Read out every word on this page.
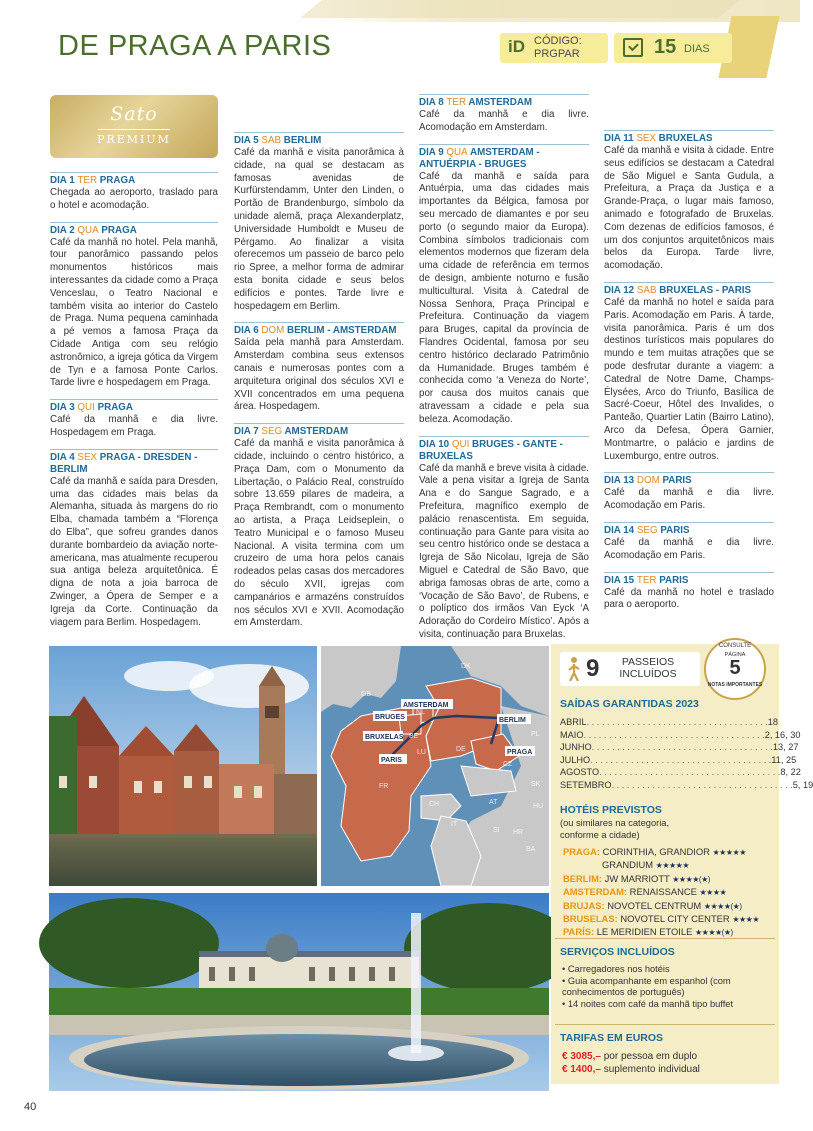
DE PRAGA A PARIS	iD CÓDIGO:
PRGPAR	15 DIAS
Sato
PREMIUM
DIA 1 TER PRAGA
Chegada ao aeroporto, traslado para o hotel e acomodação.
DIA 2 QUA PRAGA
Café da manhã no hotel. Pela manhã, tour panorâmico passando pelos monumentos históricos mais interessantes da cidade como a Praça Venceslau, o Teatro Nacional e também visita ao interior do Castelo de Praga. Numa pequena caminhada a pé vemos a famosa Praça da Cidade Antiga com seu relógio astronômico, a igreja gótica da Virgem de Tyn e a famosa Ponte Carlos. Tarde livre e hospedagem em Praga.
DIA 3 QUI PRAGA
Café da manhã e dia livre. Hospedagem em Praga.
DIA 4 SEX PRAGA - DRESDEN - BERLIM
Café da manhã e saída para Dresden, uma das cidades mais belas da Alemanha, situada às margens do rio Elba, chamada também a “Florença do Elba”, que sofreu grandes danos durante bombardeio da aviação norte-americana, mas atualmente recuperou sua antiga beleza arquitetônica. É digna de nota a joia barroca de Zwinger, a Ópera de Semper e a Igreja da Corte. Continuação da viagem para Berlim. Hospedagem.
DIA 5 SAB BERLIM
Café da manhã e visita panorâmica à cidade, na qual se destacam as famosas avenidas de Kurfürstendamm, Unter den Linden, o Portão de Brandenburgo, símbolo da unidade alemã, praça Alexanderplatz, Universidade Humboldt e Museu de Pérgamo. Ao finalizar a visita oferecemos um passeio de barco pelo rio Spree, a melhor forma de admirar esta bonita cidade e seus belos edifícios e pontes. Tarde livre e hospedagem em Berlim.
DIA 6 DOM BERLIM - AMSTERDAM
Saída pela manhã para Amsterdam. Amsterdam combina seus extensos canais e numerosas pontes com a arquitetura original dos séculos XVI e XVII concentrados em uma pequena área. Hospedagem.
DIA 7 SEG AMSTERDAM
Café da manhã e visita panorâmica à cidade, incluindo o centro histórico, a Praça Dam, com o Monumento da Libertação, o Palácio Real, construído sobre 13.659 pilares de madeira, a Praça Rembrandt, com o monumento ao artista, a Praça Leidseplein, o Teatro Municipal e o famoso Museu Nacional. A visita termina com um cruzeiro de uma hora pelos canais rodeados pelas casas dos mercadores do século XVII, igrejas com campanários e armazéns construídos nos séculos XVI e XVII. Acomodação em Amsterdam.
DIA 8 TER AMSTERDAM
Café da manhã e dia livre. Acomodação em Amsterdam.
DIA 9 QUA AMSTERDAM - ANTUÉRPIA - BRUGES
Café da manhã e saída para Antuérpia, uma das cidades mais importantes da Bélgica, famosa por seu mercado de diamantes e por seu porto (o segundo maior da Europa). Combina símbolos tradicionais com elementos modernos que fizeram dela uma cidade de referência em termos de design, ambiente noturno e fusão multicultural. Visita à Catedral de Nossa Senhora, Praça Principal e Prefeitura. Continuação da viagem para Bruges, capital da província de Flandres Ocidental, famosa por seu centro histórico declarado Patrimônio da Humanidade. Bruges também é conhecida como ‘a Veneza do Norte’, por causa dos muitos canais que atravessam a cidade e pela sua beleza. Acomodação.
DIA 10 QUI BRUGES - GANTE - BRUXELAS
Café da manhã e breve visita à cidade. Vale a pena visitar a Igreja de Santa Ana e do Sangue Sagrado, e a Prefeitura, magnífico exemplo de palácio renascentista. Em seguida, continuação para Gante para visita ao seu centro histórico onde se destaca a Igreja de São Nicolau, Igreja de São Miguel e Catedral de São Bavo, que abriga famosas obras de arte, como a ‘Vocação de São Bavo’, de Rubens, e o políptico dos irmãos Van Eyck ‘A Adoração do Cordeiro Místico’. Após a visita, continuação para Bruxelas.
DIA 11 SEX BRUXELAS
Café da manhã e visita à cidade. Entre seus edifícios se destacam a Catedral de São Miguel e Santa Gudula, a Prefeitura, a Praça da Justiça e a Grande-Praça, o lugar mais famoso, animado e fotografado de Bruxelas. Com dezenas de edifícios famosos, é um dos conjuntos arquitetônicos mais belos da Europa. Tarde livre, acomodação.
DIA 12 SAB BRUXELAS - PARIS
Café da manhã no hotel e saída para Paris. Acomodação em Paris. À tarde, visita panorâmica. Paris é um dos destinos turísticos mais populares do mundo e tem muitas atrações que se pode desfrutar durante a viagem: a Catedral de Notre Dame, Champs-Élysées, Arco do Triunfo, Basílica de Sacré-Coeur, Hôtel des Invalides, o Panteão, Quartier Latin (Bairro Latino), Arco da Defesa, Ópera Garnier, Montmartre, o palácio e jardins de Luxemburgo, entre outros.
DIA 13 DOM PARIS
Café da manhã e dia livre. Acomodação em Paris.
DIA 14 SEG PARIS
Café da manhã e dia livre. Acomodação em Paris.
DIA 15 TER PARIS
Café da manhã no hotel e traslado para o aeroporto.
GB
DK
NL
BE
DE
FR
CH	AT
CZ
PL
SI HR
IT
HU
BA
SK
LU
AMSTERDAM
BRUGES
BRUXELAS
PARIS
BERLIM
PRAGA
9	PASSEIOS INCLUÍDOS
CONSULTE
PÁGINA
5
NOTAS IMPORTANTES
SAÍDAS GARANTIDAS 2023
ABRIL . . . . . . . . . . . . . . . . . . . . . . . . . . . . . . . . . . . . 18
MAIO . . . . . . . . . . . . . . . . . . . . . . . . . . . . . . . . . . . . 2, 16, 30
JUNHO . . . . . . . . . . . . . . . . . . . . . . . . . . . . . . . . . . . . 13, 27
JULHO . . . . . . . . . . . . . . . . . . . . . . . . . . . . . . . . . . . . 11, 25
AGOSTO . . . . . . . . . . . . . . . . . . . . . . . . . . . . . . . . . . . . 8, 22
SETEMBRO . . . . . . . . . . . . . . . . . . . . . . . . . . . . . . . . . . . . 5, 19
HOTÉIS PREVISTOS
(ou similares na categoria, conforme a cidade)
PRAGA: CORINTHIA, GRANDIOR ★★★★★
GRANDIUM ★★★★★
BERLIM: JW MARRIOTT ★★★★(★)
AMSTERDAM: RENAISSANCE ★★★★
BRUJAS: NOVOTEL CENTRUM ★★★★(★)
BRUSELAS: NOVOTEL CITY CENTER ★★★★
PARÍS: LE MERIDIEN ETOILE ★★★★(★)
SERVIÇOS INCLUÍDOS
• Carregadores nos hotéis
• Guia acompanhante em espanhol (com conhecimentos de português)
• 14 noites com café da manhã tipo buffet
TARIFAS EM EUROS
€ 3085,– por pessoa em duplo
€ 1400,– suplemento individual
40
